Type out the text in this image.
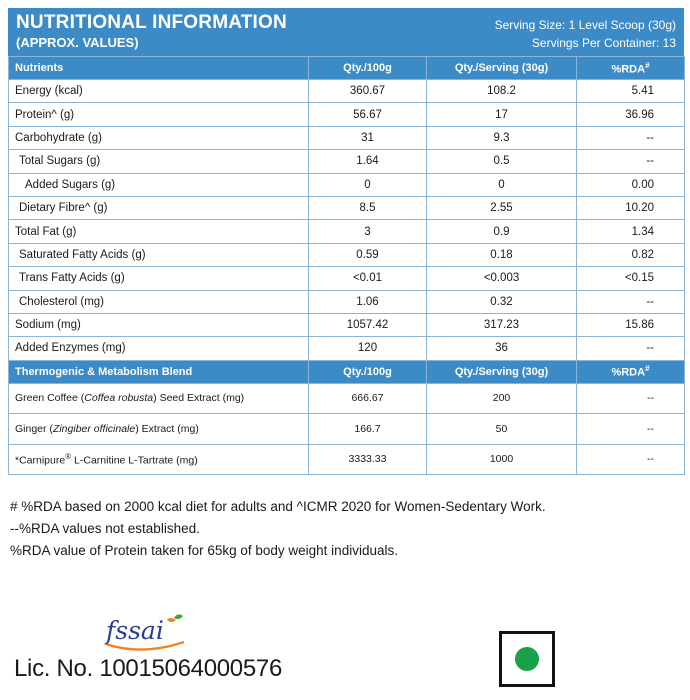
NUTRITIONAL INFORMATION
(APPROX. VALUES)
Serving Size: 1 Level Scoop (30g)
Servings Per Container: 13
Nutrients	Qty./100g	Qty./Serving (30g)	%RDA#
Energy (kcal)	360.67	108.2	5.41
Protein^ (g)	56.67	17	36.96
Carbohydrate (g)	31	9.3	--
Total Sugars (g)	1.64	0.5	--
Added Sugars (g)	0	0	0.00
Dietary Fibre^ (g)	8.5	2.55	10.20
Total Fat (g)	3	0.9	1.34
Saturated Fatty Acids (g)	0.59	0.18	0.82
Trans Fatty Acids (g)	<0.01	<0.003	<0.15
Cholesterol (mg)	1.06	0.32	--
Sodium (mg)	1057.42	317.23	15.86
Added Enzymes (mg)	120	36	--
Thermogenic & Metabolism Blend	Qty./100g	Qty./Serving (30g)	%RDA#
Green Coffee (Coffea robusta) Seed Extract (mg)	666.67	200	--
Ginger (Zingiber officinale) Extract (mg)	166.7	50	--
*Carnipure® L-Carnitine L-Tartrate (mg)	3333.33	1000	--
# %RDA based on 2000 kcal diet for adults and ^ICMR 2020 for Women-Sedentary Work.
--%RDA values not established.
%RDA value of Protein taken for 65kg of body weight individuals.
fssai
Lic. No. 10015064000576
